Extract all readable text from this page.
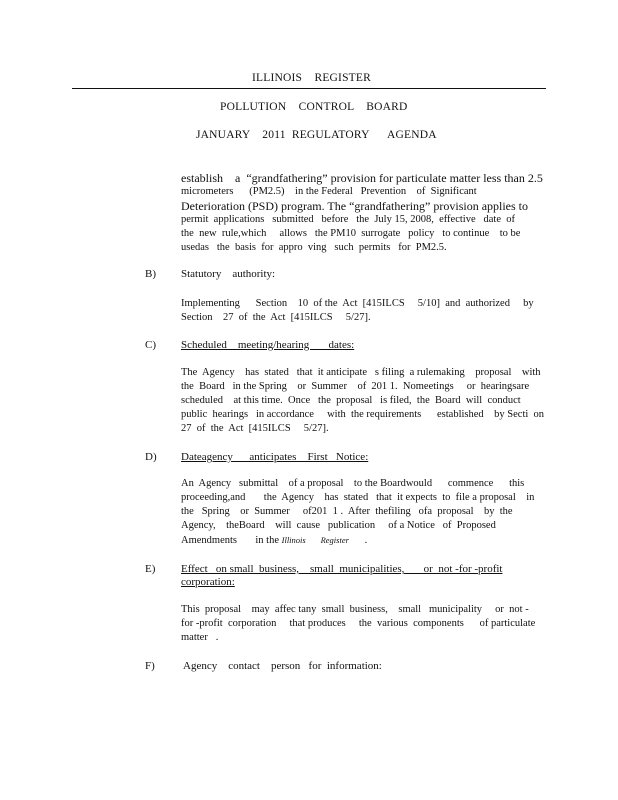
ILLINOIS    REGISTER
POLLUTION    CONTROL    BOARD
JANUARY    2011  REGULATORY      AGENDA
establish    a  “grandfathering” provision for particulate matter less than 2.5
micrometers      (PM2.5)    in the Federal   Prevention    of  Significant
Deterioration (PSD) program. The “grandfathering” provision applies to
permit  applications   submitted   before   the  July 15, 2008,  effective   date  of
the  new  rule,which     allows   the PM10  surrogate   policy   to continue    to be
usedas   the  basis  for  appro  ving   such  permits   for  PM2.5.
B) Statutory    authority:
Implementing      Section    10  of the  Act  [415ILCS     5/10]  and  authorized     by
Section    27  of  the  Act  [415ILCS     5/27].
C) Scheduled    meeting/hearing       dates:
The  Agency    has  stated   that  it anticipate   s filing  a rulemaking    proposal    with
the  Board   in the Spring    or  Summer    of  201 1.  Nomeetings     or  hearingsare
scheduled    at this time.  Once   the  proposal   is filed,  the  Board  will  conduct
public  hearings   in accordance     with  the requirements      established    by Secti  on
27  of  the  Act  [415ILCS     5/27].
D) Dateagency      anticipates    First   Notice:
An  Agency   submittal    of a proposal    to the Boardwould      commence      this
proceeding,and       the  Agency    has  stated   that  it expects  to  file a proposal    in
the   Spring    or  Summer     of201  1 .  After  thefiling   ofa  proposal    by  the
Agency,    theBoard    will  cause   publication     of a Notice   of  Proposed
Amendments       in the Illinois       Register      .
E) Effect   on small  business,    small  municipalities,       or  not -for -profit
corporation:
This  proposal    may  affec tany  small  business,    small   municipality     or  not -
for -profit  corporation     that produces     the  various  components      of particulate
matter   .
F)	Agency    contact    person   for  information:
